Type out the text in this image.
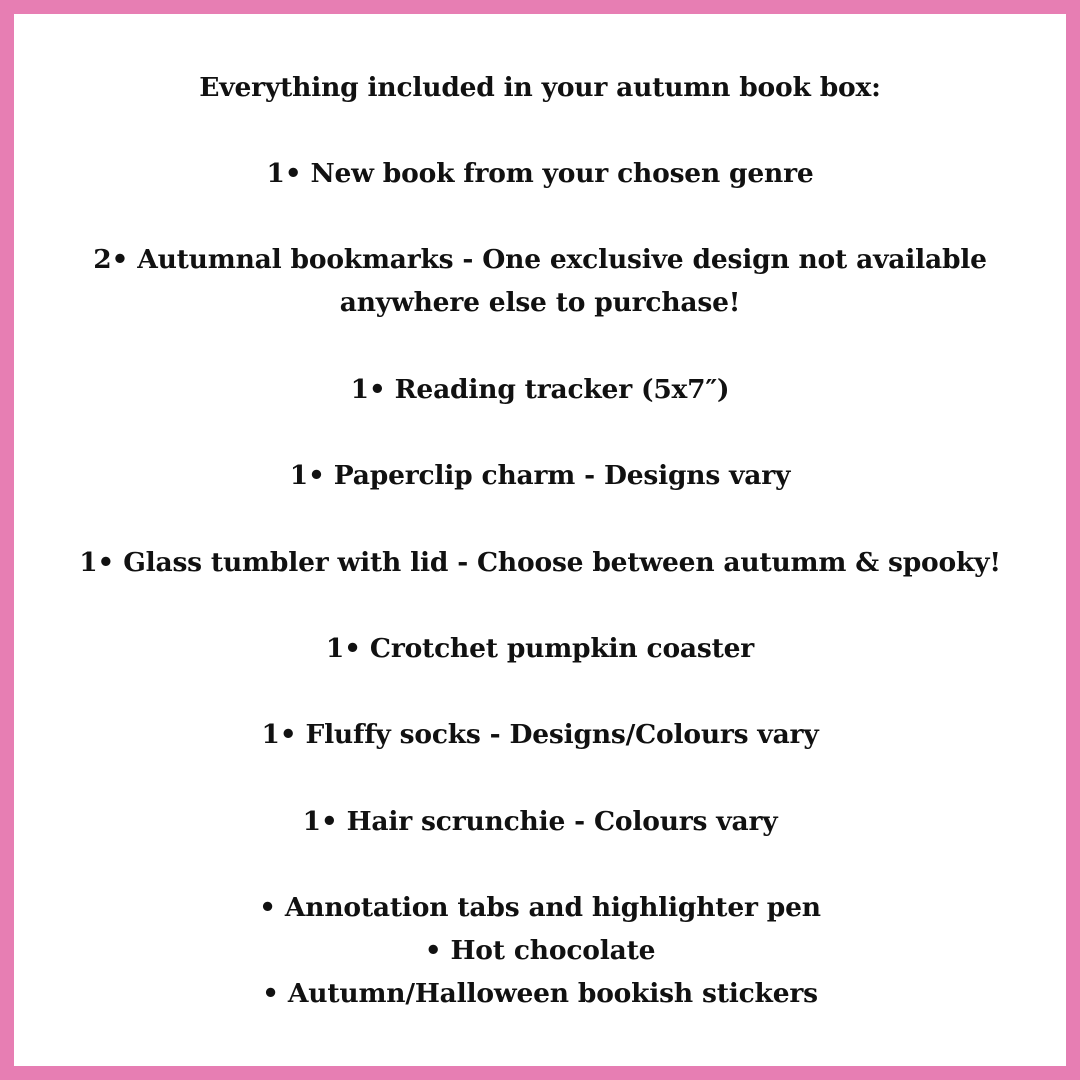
Everything included in your autumn book box:
1• New book from your chosen genre
2• Autumnal bookmarks - One exclusive design not available
anywhere else to purchase!
1• Reading tracker (5x7″)
1• Paperclip charm - Designs vary
1• Glass tumbler with lid - Choose between autumm & spooky!
1• Crotchet pumpkin coaster
1• Fluffy socks - Designs/Colours vary
1• Hair scrunchie - Colours vary
• Annotation tabs and highlighter pen
• Hot chocolate
• Autumn/Halloween bookish stickers
